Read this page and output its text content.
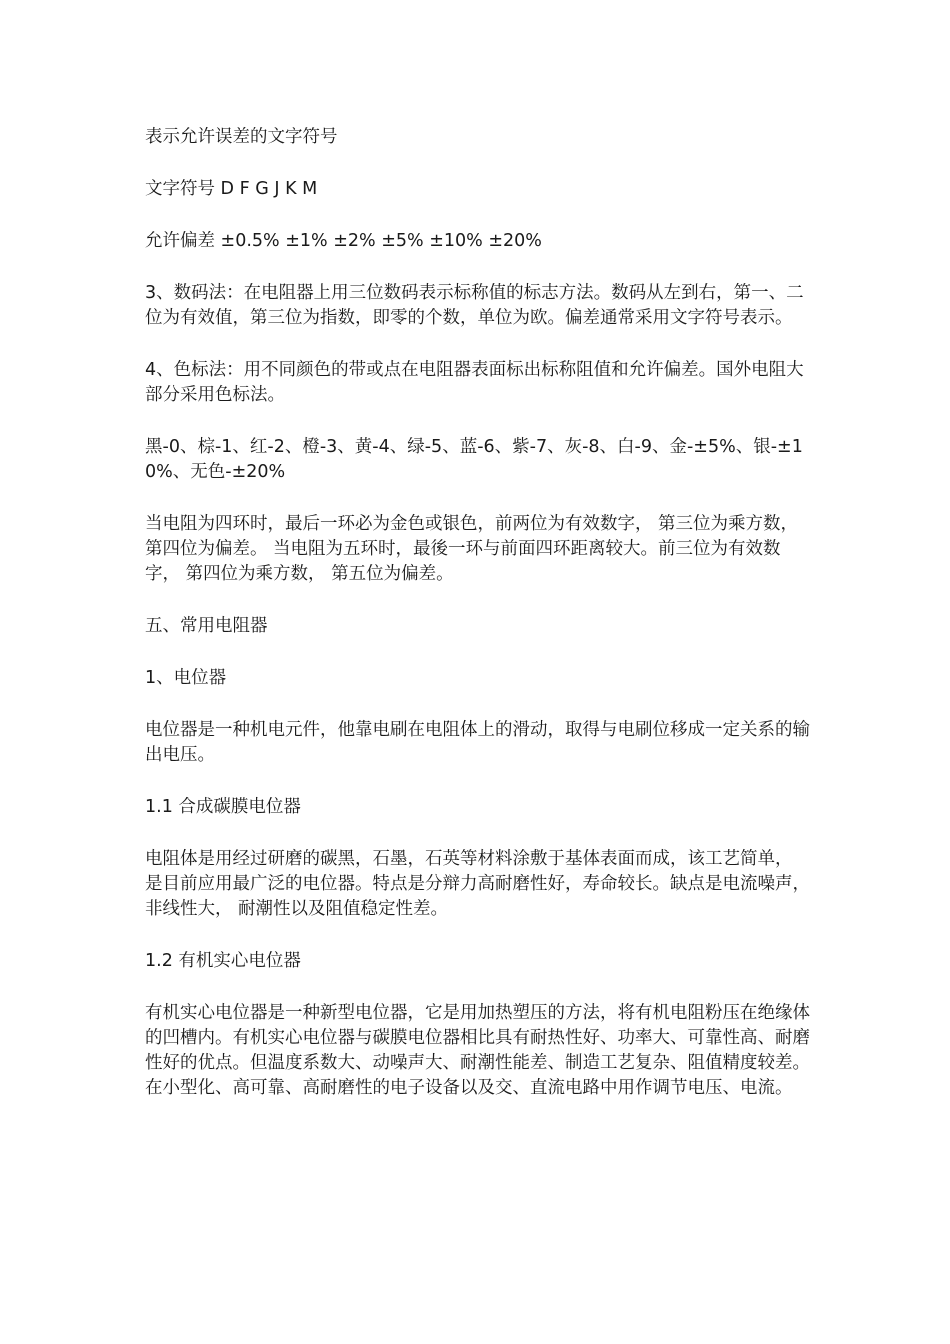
表示允许误差的文字符号

文字符号 D F G J K M

允许偏差 ±0.5% ±1% ±2% ±5% ±10% ±20%

3、数码法：在电阻器上用三位数码表示标称值的标志方法。数码从左到右，第一、二位为有效值，第三位为指数，即零的个数，单位为欧。偏差通常采用文字符号表示。

4、色标法：用不同颜色的带或点在电阻器表面标出标称阻值和允许偏差。国外电阻大部分采用色标法。

黑-0、棕-1、红-2、橙-3、黄-4、绿-5、蓝-6、紫-7、灰-8、白-9、金-±5%、银-±10%、无色-±20%

当电阻为四环时，最后一环必为金色或银色，前两位为有效数字， 第三位为乘方数，第四位为偏差。 当电阻为五环时，最後一环与前面四环距离较大。前三位为有效数字， 第四位为乘方数， 第五位为偏差。

五、常用电阻器

1、电位器

电位器是一种机电元件，他靠电刷在电阻体上的滑动，取得与电刷位移成一定关系的输出电压。

1.1 合成碳膜电位器

电阻体是用经过研磨的碳黑，石墨，石英等材料涂敷于基体表面而成，该工艺简单， 是目前应用最广泛的电位器。特点是分辩力高耐磨性好，寿命较长。缺点是电流噪声，非线性大， 耐潮性以及阻值稳定性差。

1.2 有机实心电位器

有机实心电位器是一种新型电位器，它是用加热塑压的方法，将有机电阻粉压在绝缘体的凹槽内。有机实心电位器与碳膜电位器相比具有耐热性好、功率大、可靠性高、耐磨性好的优点。但温度系数大、动噪声大、耐潮性能差、制造工艺复杂、阻值精度较差。在小型化、高可靠、高耐磨性的电子设备以及交、直流电路中用作调节电压、电流。
